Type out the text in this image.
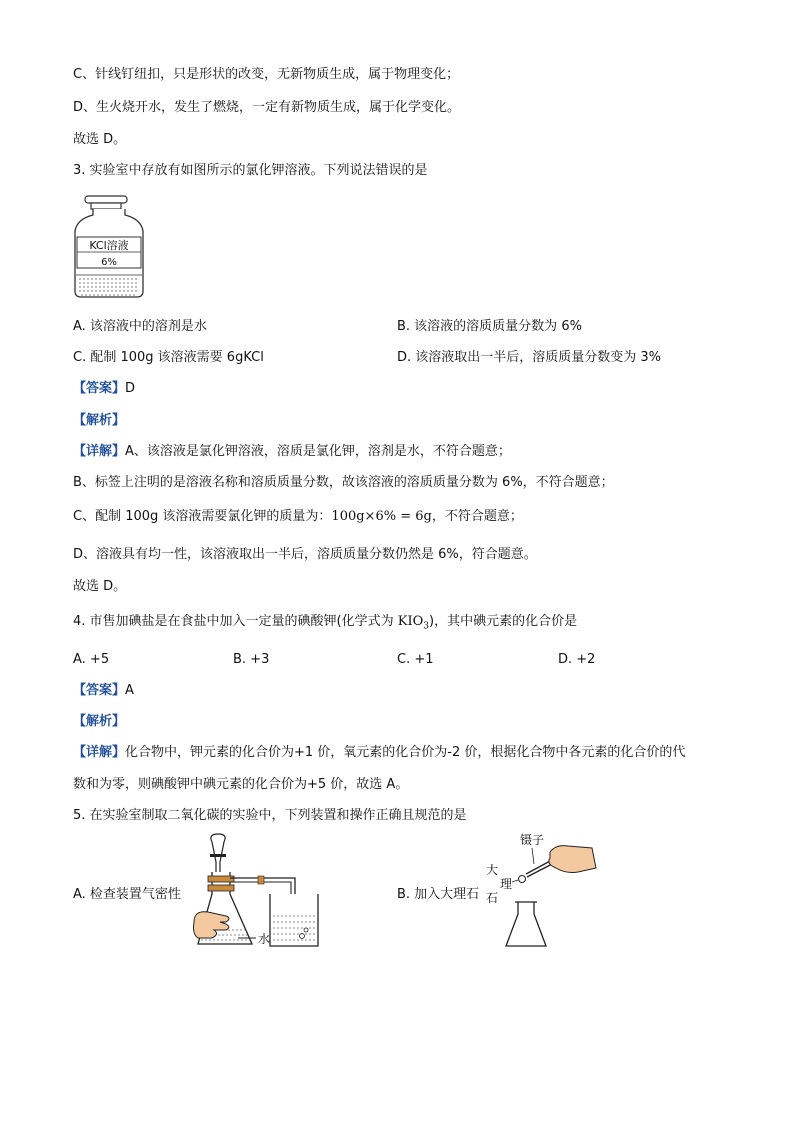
C、针线钉纽扣，只是形状的改变，无新物质生成，属于物理变化；
D、生火烧开水，发生了燃烧，一定有新物质生成，属于化学变化。
故选 D。
3. 实验室中存放有如图所示的氯化钾溶液。下列说法错误的是
KCl溶液
6%
A. 该溶液中的溶剂是水	B. 该溶液的溶质质量分数为 6%
C. 配制 100g 该溶液需要 6gKCl	D. 该溶液取出一半后，溶质质量分数变为 3%
【答案】D
【解析】
【详解】A、该溶液是氯化钾溶液，溶质是氯化钾，溶剂是水，不符合题意；
B、标签上注明的是溶液名称和溶质质量分数，故该溶液的溶质质量分数为 6%，不符合题意；
C、配制 100g 该溶液需要氯化钾的质量为：100g×6% = 6g，不符合题意；
D、溶液具有均一性，该溶液取出一半后，溶质质量分数仍然是 6%，符合题意。
故选 D。
4. 市售加碘盐是在食盐中加入一定量的碘酸钾(化学式为 $KIO_3$)，其中碘元素的化合价是
A. +5	B. +3	C. +1	D. +2
【答案】A
【解析】
【详解】化合物中，钾元素的化合价为+1 价，氧元素的化合价为-2 价，根据化合物中各元素的化合价的代
数和为零，则碘酸钾中碘元素的化合价为+5 价，故选 A。
5. 在实验室制取二氧化碳的实验中，下列装置和操作正确且规范的是
A. 检查装置气密性
水
B. 加入大理石
镊子
大
理
石
